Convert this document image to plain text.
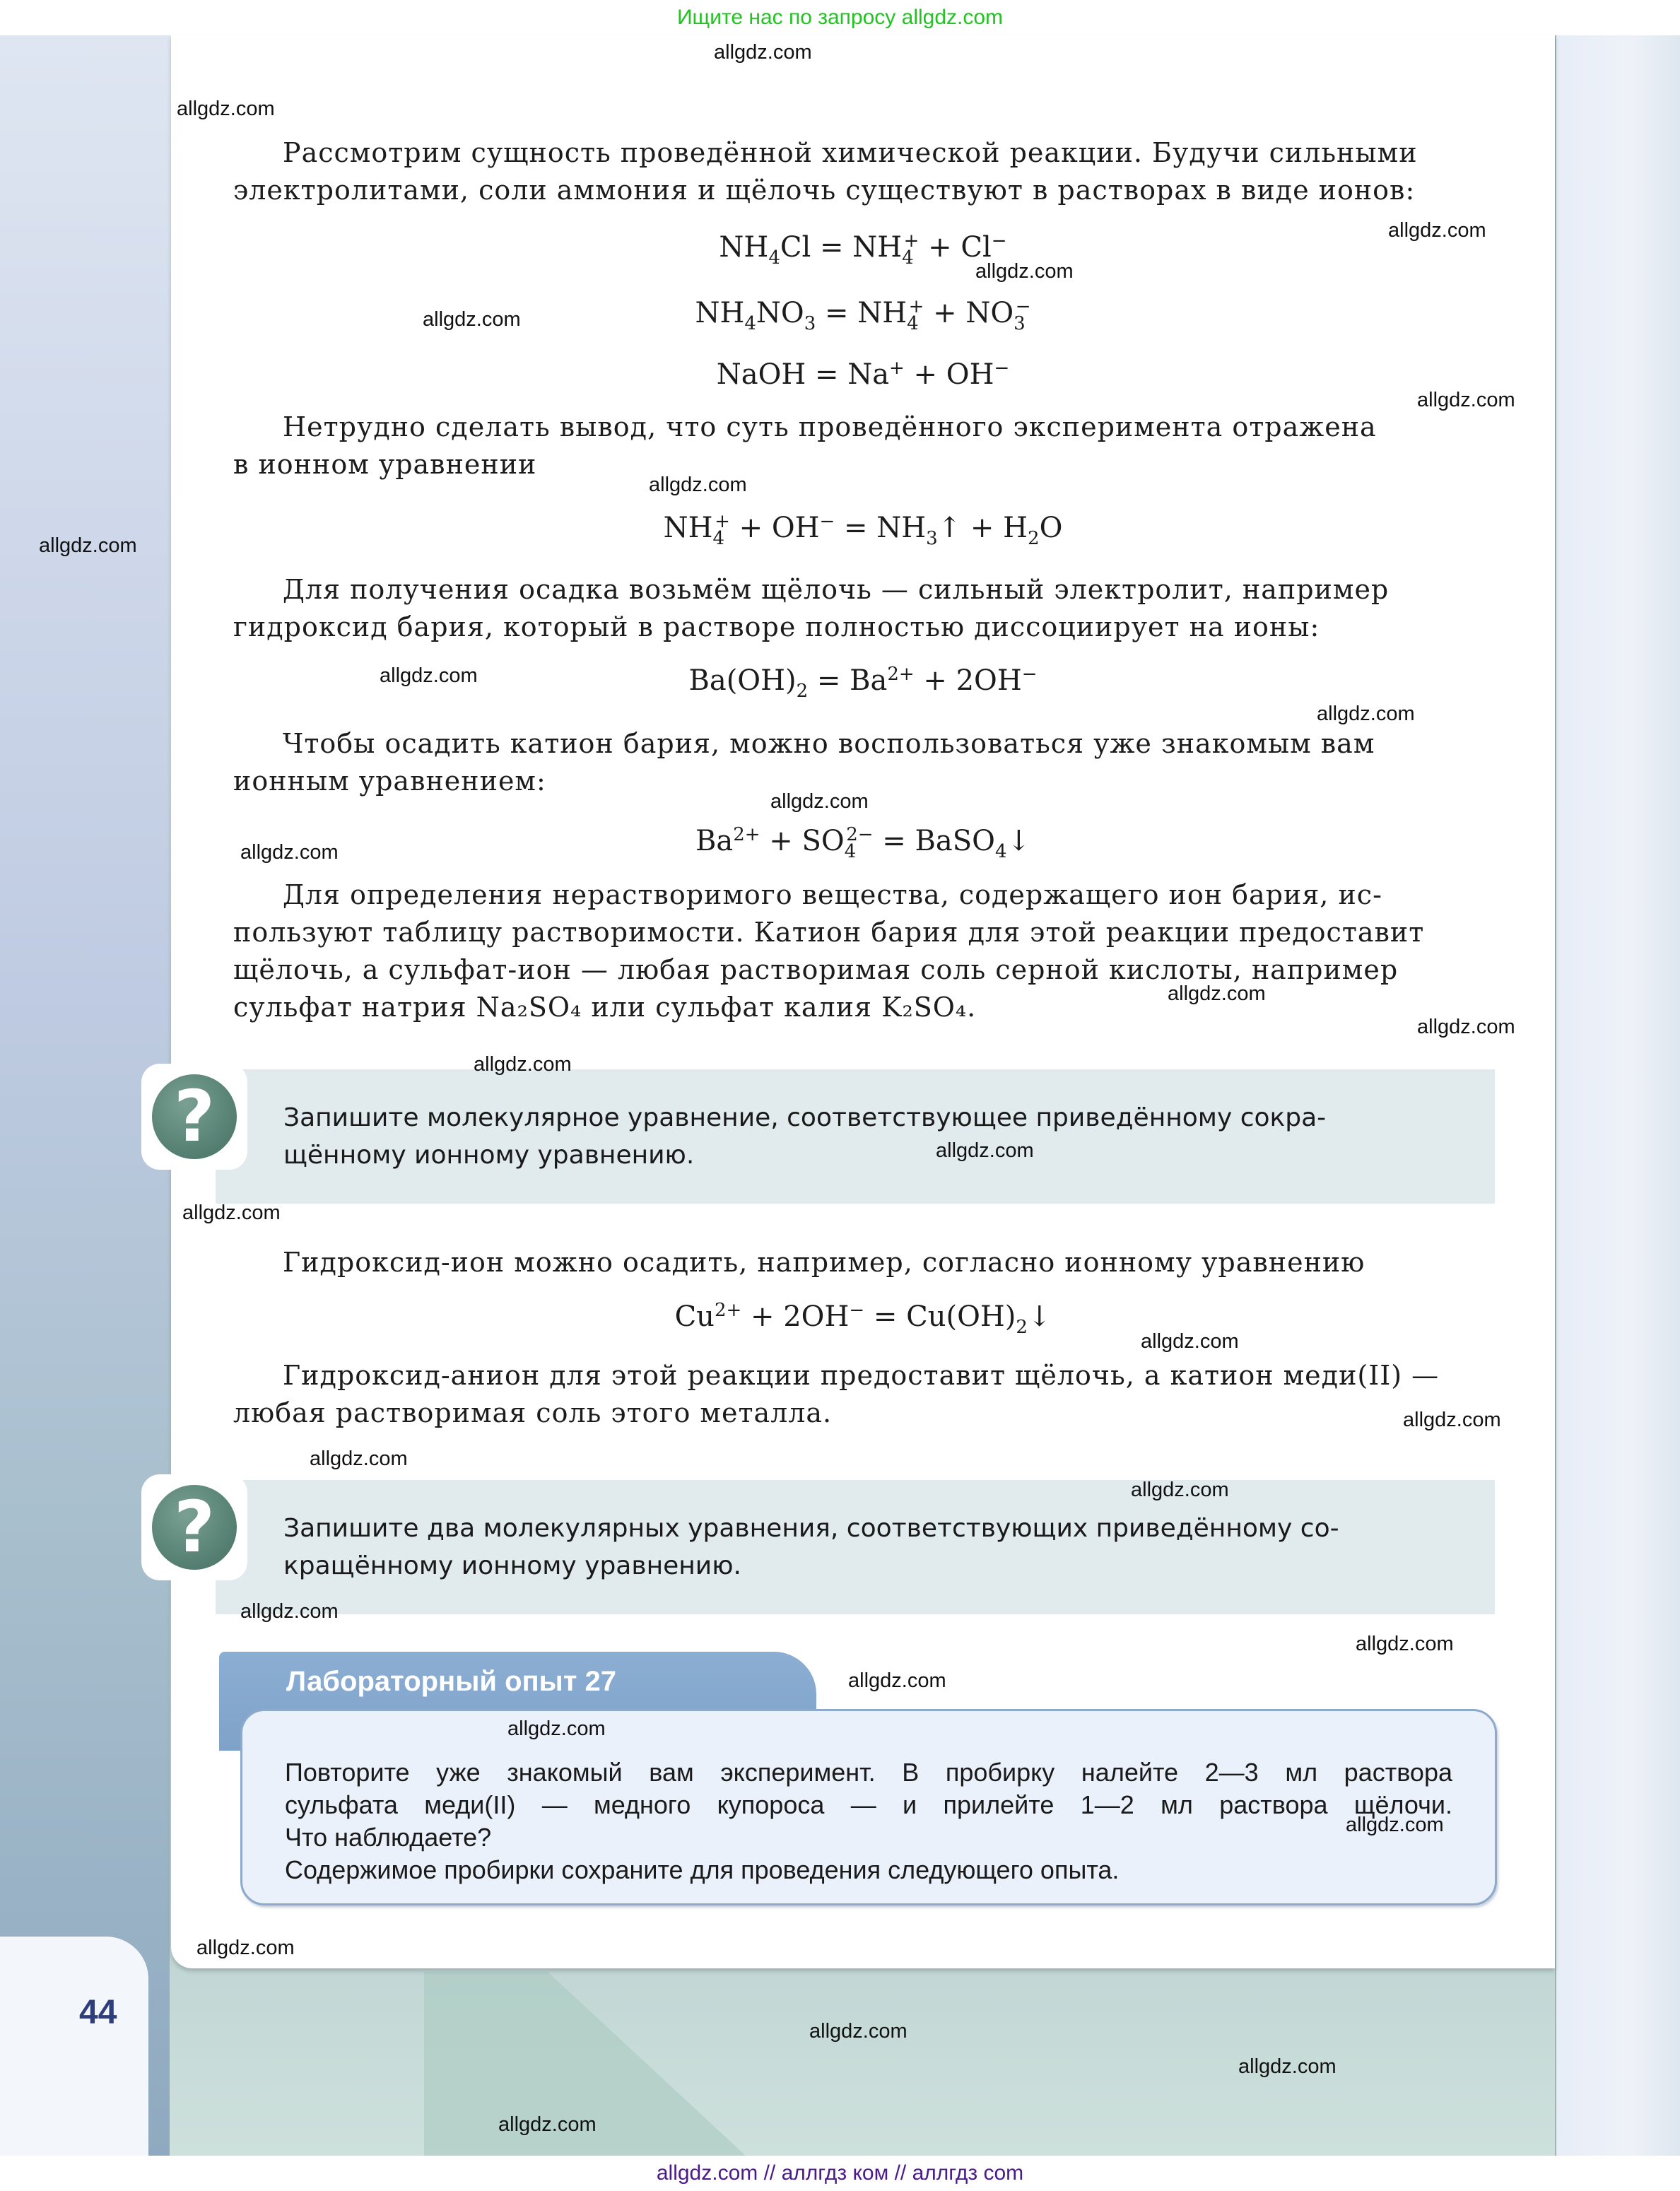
Ищите нас по запросу allgdz.com
44
Рассмотрим сущность проведённой химической реакции. Будучи сильными
электролитами, соли аммония и щёлочь существуют в растворах в виде ионов:
$NH_4Cl = NH_4^+ + Cl^-$
$NH_4NO_3 = NH_4^+ + NO_3^-$
NaOH = Na+ + OH−
Нетрудно сделать вывод, что суть проведённого эксперимента отражена
в ионном уравнении
$NH_4^+ + OH^-$ = $NH_3↑ + H_2O$
Для получения осадка возьмём щёлочь — сильный электролит, например
гидроксид бария, который в растворе полностью диссоциирует на ионы:
$Ba(OH)_2 = Ba^{2+} + 2OH^-$
Чтобы осадить катион бария, можно воспользоваться уже знакомым вам
ионным уравнением:
$Ba^{2+} + SO_4^{2-}$ = BaSO$_4$↓
Для определения нерастворимого вещества, содержащего ион бария, ис-
пользуют таблицу растворимости. Катион бария для этой реакции предоставит
щёлочь, а сульфат-ион — любая растворимая соль серной кислоты, например
сульфат натрия Na₂SO₄ или сульфат калия K₂SO₄.
?	Запишите молекулярное уравнение, соответствующее приведённому сокра-
щённому ионному уравнению.
Гидроксид-ион можно осадить, например, согласно ионному уравнению
$Cu^{2+} + 2OH^-$ = $Cu(OH)_2↓$
Гидроксид-анион для этой реакции предоставит щёлочь, а катион меди(II) —
любая растворимая соль этого металла.
?	Запишите два молекулярных уравнения, соответствующих приведённому со-
кращённому ионному уравнению.
Лабораторный опыт 27
Повторите уже знакомый вам эксперимент. В пробирку налейте 2—3 мл раствора
сульфата меди(II) — медного купороса — и прилейте 1—2 мл раствора щёлочи.
Что наблюдаете?
Содержимое пробирки сохраните для проведения следующего опыта.
allgdz.com
allgdz.com
allgdz.com
allgdz.com
allgdz.com
allgdz.com
allgdz.com
allgdz.com
allgdz.com
allgdz.com
allgdz.com
allgdz.com
allgdz.com
allgdz.com
allgdz.com
allgdz.com
allgdz.com
allgdz.com
allgdz.com
allgdz.com
allgdz.com
allgdz.com
allgdz.com
allgdz.com
allgdz.com
allgdz.com
allgdz.com
allgdz.com
allgdz.com
allgdz.com
allgdz.com // аллгдз ком // аллгдз com
